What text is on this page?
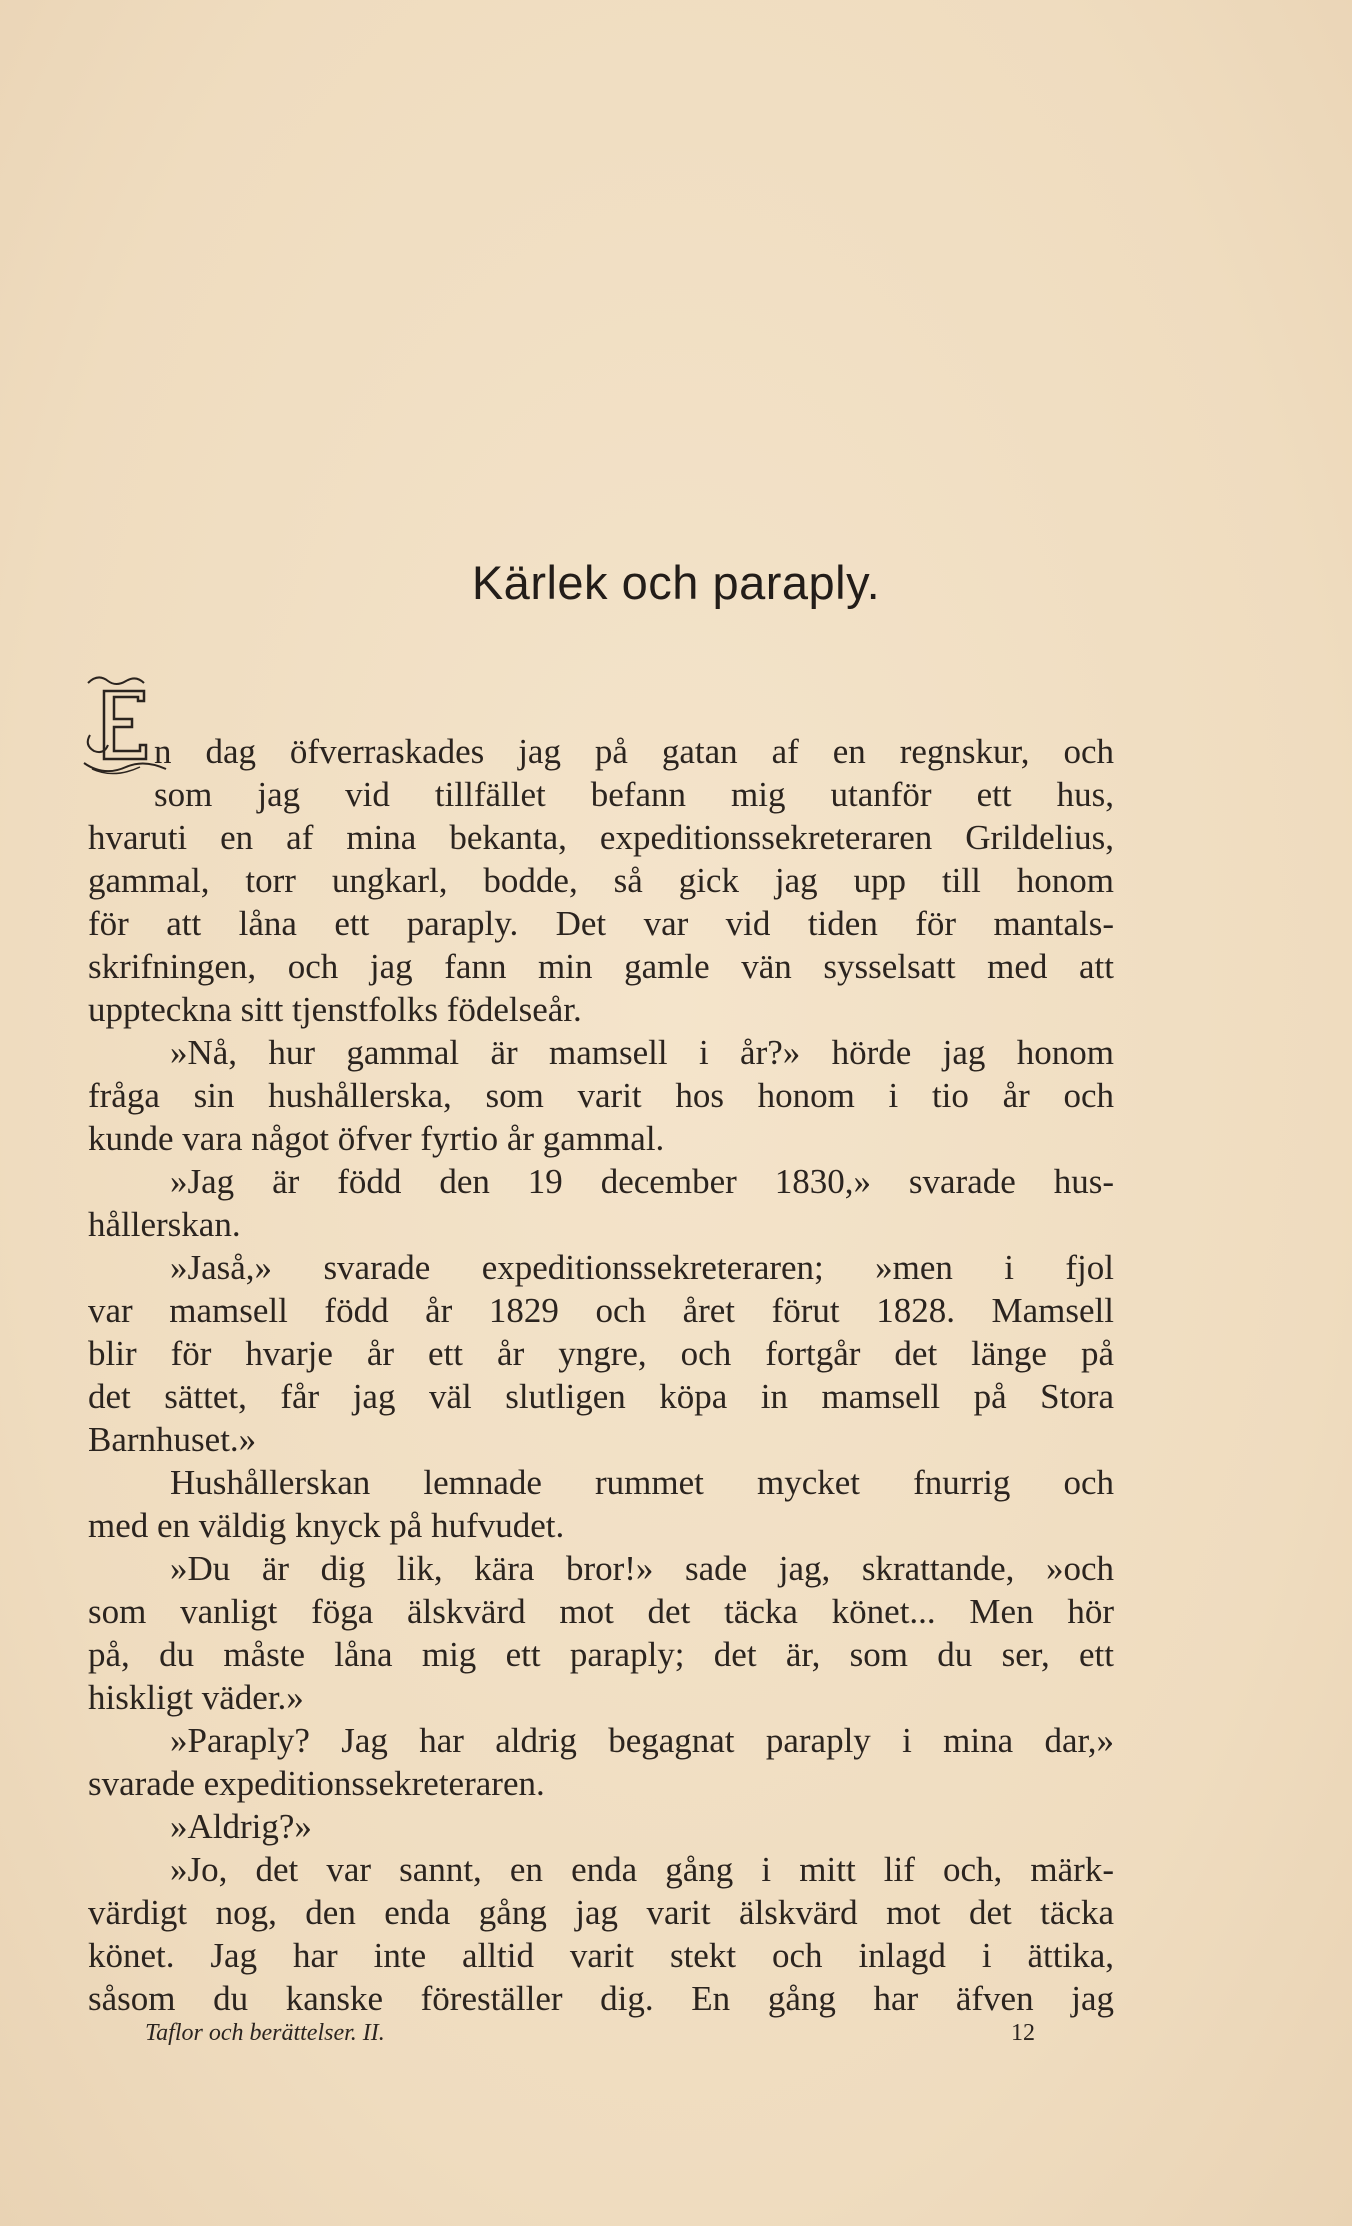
Kärlek och paraply.
n dag öfverraskades jag på gatan af en regnskur, och
som jag vid tillfället befann mig utanför ett hus,
hvaruti en af mina bekanta, expeditionssekreteraren Grildelius,
gammal, torr ungkarl, bodde, så gick jag upp till honom
för att låna ett paraply. Det var vid tiden för mantals-
skrifningen, och jag fann min gamle vän sysselsatt med att
uppteckna sitt tjenstfolks födelseår.
»Nå, hur gammal är mamsell i år?» hörde jag honom
fråga sin hushållerska, som varit hos honom i tio år och
kunde vara något öfver fyrtio år gammal.
»Jag är född den 19 december 1830,» svarade hus-
hållerskan.
»Jaså,» svarade expeditionssekreteraren; »men i fjol
var mamsell född år 1829 och året förut 1828. Mamsell
blir för hvarje år ett år yngre, och fortgår det länge på
det sättet, får jag väl slutligen köpa in mamsell på Stora
Barnhuset.»
Hushållerskan lemnade rummet mycket fnurrig och
med en väldig knyck på hufvudet.
»Du är dig lik, kära bror!» sade jag, skrattande, »och
som vanligt föga älskvärd mot det täcka könet... Men hör
på, du måste låna mig ett paraply; det är, som du ser, ett
hiskligt väder.»
»Paraply? Jag har aldrig begagnat paraply i mina dar,»
svarade expeditionssekreteraren.
»Aldrig?»
»Jo, det var sannt, en enda gång i mitt lif och, märk-
värdigt nog, den enda gång jag varit älskvärd mot det täcka
könet. Jag har inte alltid varit stekt och inlagd i ättika,
såsom du kanske föreställer dig. En gång har äfven jag
Taflor och berättelser. II.	12
